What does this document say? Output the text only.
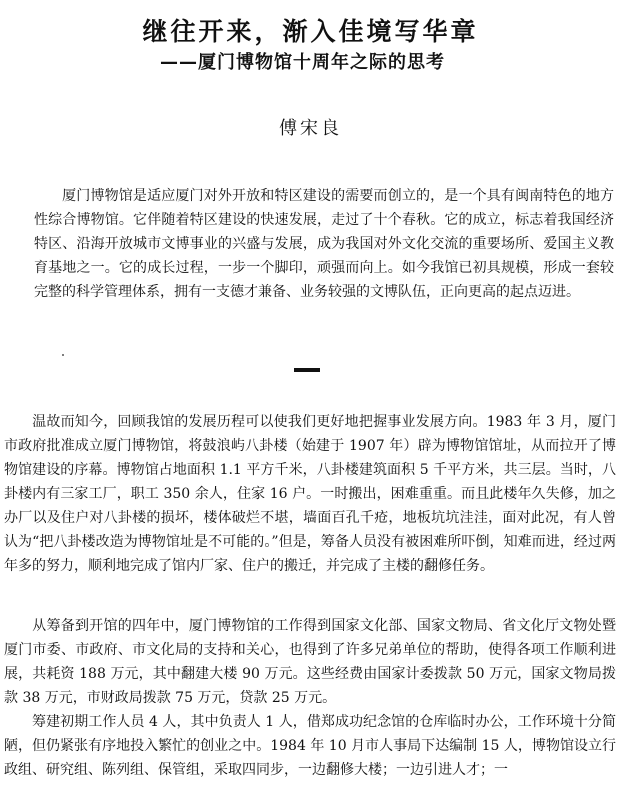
继往开来，渐入佳境写华章
——厦门博物馆十周年之际的思考
傅宋良

厦门博物馆是适应厦门对外开放和特区建设的需要而创立的，是一个具有闽南特色的地方性综合博物馆。它伴随着特区建设的快速发展，走过了十个春秋。它的成立，标志着我国经济特区、沿海开放城市文博事业的兴盛与发展，成为我国对外文化交流的重要场所、爱国主义教育基地之一。它的成长过程，一步一个脚印，顽强而向上。如今我馆已初具规模，形成一套较完整的科学管理体系，拥有一支德才兼备、业务较强的文博队伍，正向更高的起点迈进。

温故而知今，回顾我馆的发展历程可以使我们更好地把握事业发展方向。1983 年 3 月，厦门市政府批准成立厦门博物馆，将鼓浪屿八卦楼（始建于 1907 年）辟为博物馆馆址，从而拉开了博物馆建设的序幕。博物馆占地面积 1.1 平方千米，八卦楼建筑面积 5 千平方米，共三层。当时，八卦楼内有三家工厂，职工 350 余人，住家 16 户。一时搬出，困难重重。而且此楼年久失修，加之办厂以及住户对八卦楼的损坏，楼体破烂不堪，墙面百孔千疮，地板坑坑洼洼，面对此况，有人曾认为“把八卦楼改造为博物馆址是不可能的。”但是，筹备人员没有被困难所吓倒，知难而进，经过两年多的努力，顺利地完成了馆内厂家、住户的搬迁，并完成了主楼的翻修任务。

从筹备到开馆的四年中，厦门博物馆的工作得到国家文化部、国家文物局、省文化厅文物处暨厦门市委、市政府、市文化局的支持和关心，也得到了许多兄弟单位的帮助，使得各项工作顺利进展，共耗资 188 万元，其中翻建大楼 90 万元。这些经费由国家计委拨款 50 万元，国家文物局拨款 38 万元，市财政局拨款 75 万元，贷款 25 万元。

筹建初期工作人员 4 人，其中负责人 1 人，借郑成功纪念馆的仓库临时办公，工作环境十分简陋，但仍紧张有序地投入繁忙的创业之中。1984 年 10 月市人事局下达编制 15 人，博物馆设立行政组、研究组、陈列组、保管组，采取四同步，一边翻修大楼；一边引进人才；一
